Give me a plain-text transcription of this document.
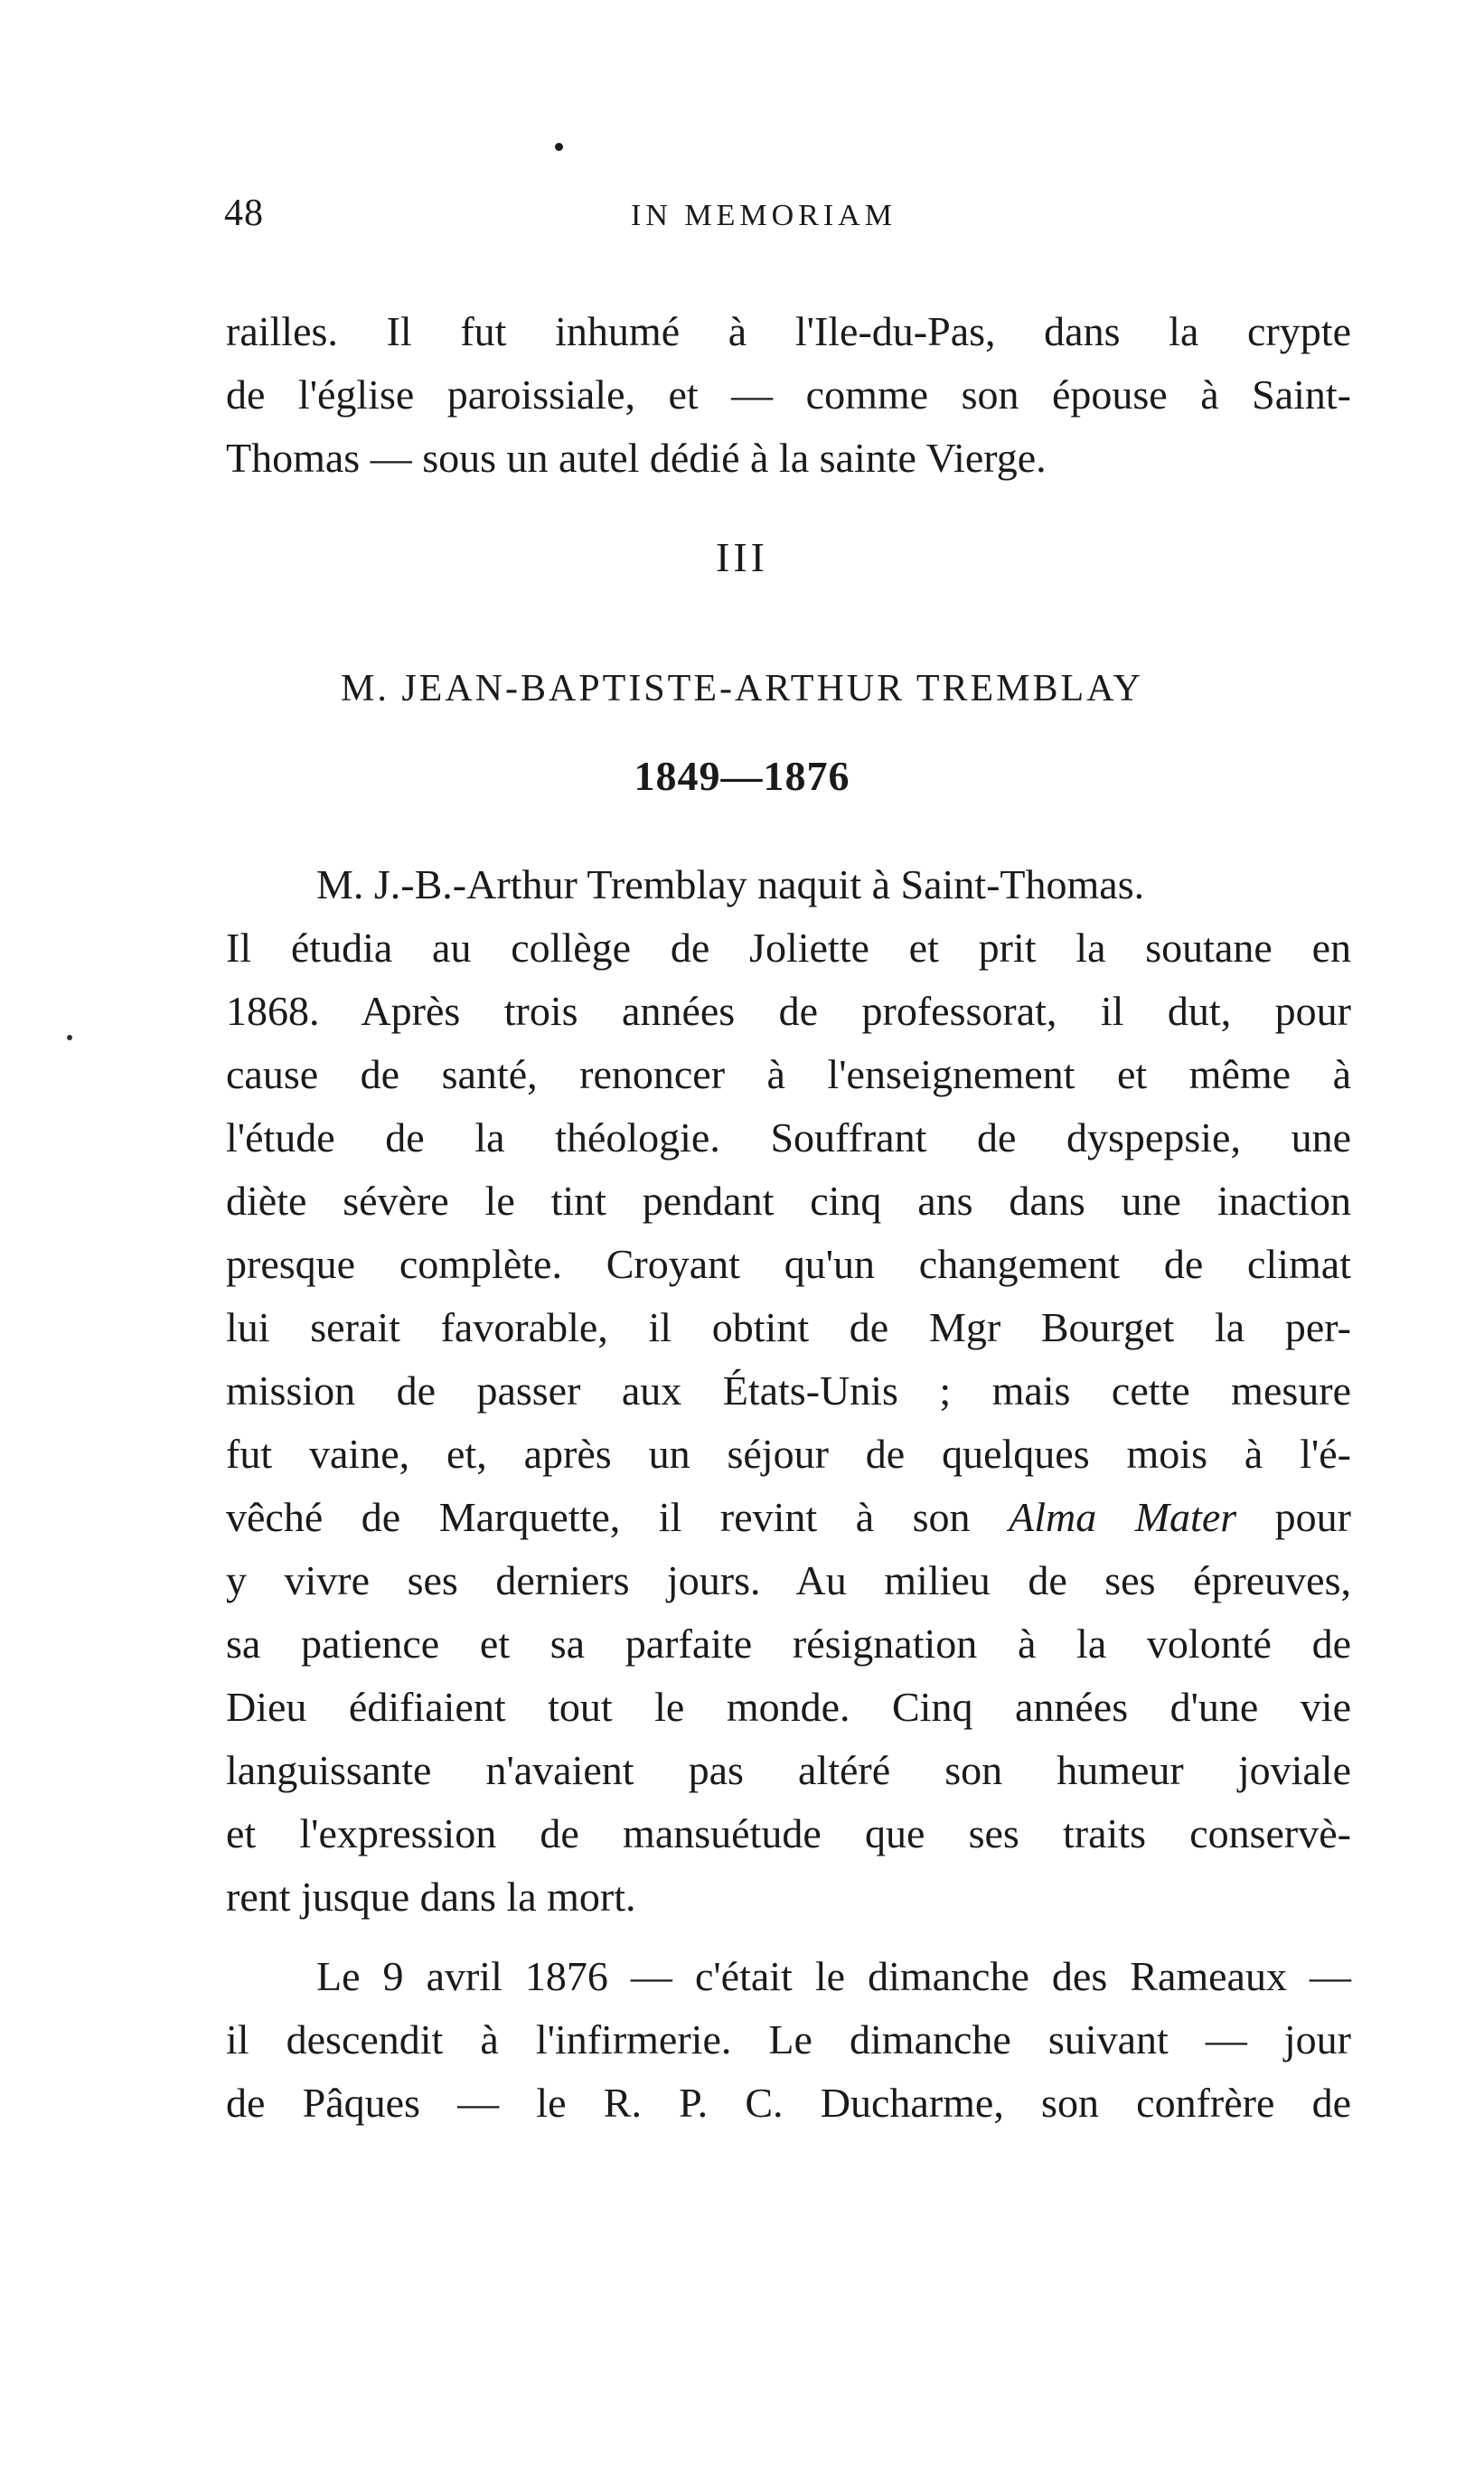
48	IN MEMORIAM
railles. Il fut inhumé à l'Ile-du-Pas, dans la crypte
de l'église paroissiale, et — comme son épouse à Saint-
Thomas — sous un autel dédié à la sainte Vierge.
III
M. JEAN-BAPTISTE-ARTHUR TREMBLAY
1849—1876
M. J.-B.-Arthur Tremblay naquit à Saint-Thomas.
Il étudia au collège de Joliette et prit la soutane en
1868. Après trois années de professorat, il dut, pour
cause de santé, renoncer à l'enseignement et même à
l'étude de la théologie. Souffrant de dyspepsie, une
diète sévère le tint pendant cinq ans dans une inaction
presque complète. Croyant qu'un changement de climat
lui serait favorable, il obtint de Mgr Bourget la per-
mission de passer aux États-Unis ; mais cette mesure
fut vaine, et, après un séjour de quelques mois à l'é-
vêché de Marquette, il revint à son Alma Mater pour
y vivre ses derniers jours. Au milieu de ses épreuves,
sa patience et sa parfaite résignation à la volonté de
Dieu édifiaient tout le monde. Cinq années d'une vie
languissante n'avaient pas altéré son humeur joviale
et l'expression de mansuétude que ses traits conservè-
rent jusque dans la mort.
Le 9 avril 1876 — c'était le dimanche des Rameaux —
il descendit à l'infirmerie. Le dimanche suivant — jour
de Pâques — le R. P. C. Ducharme, son confrère de
